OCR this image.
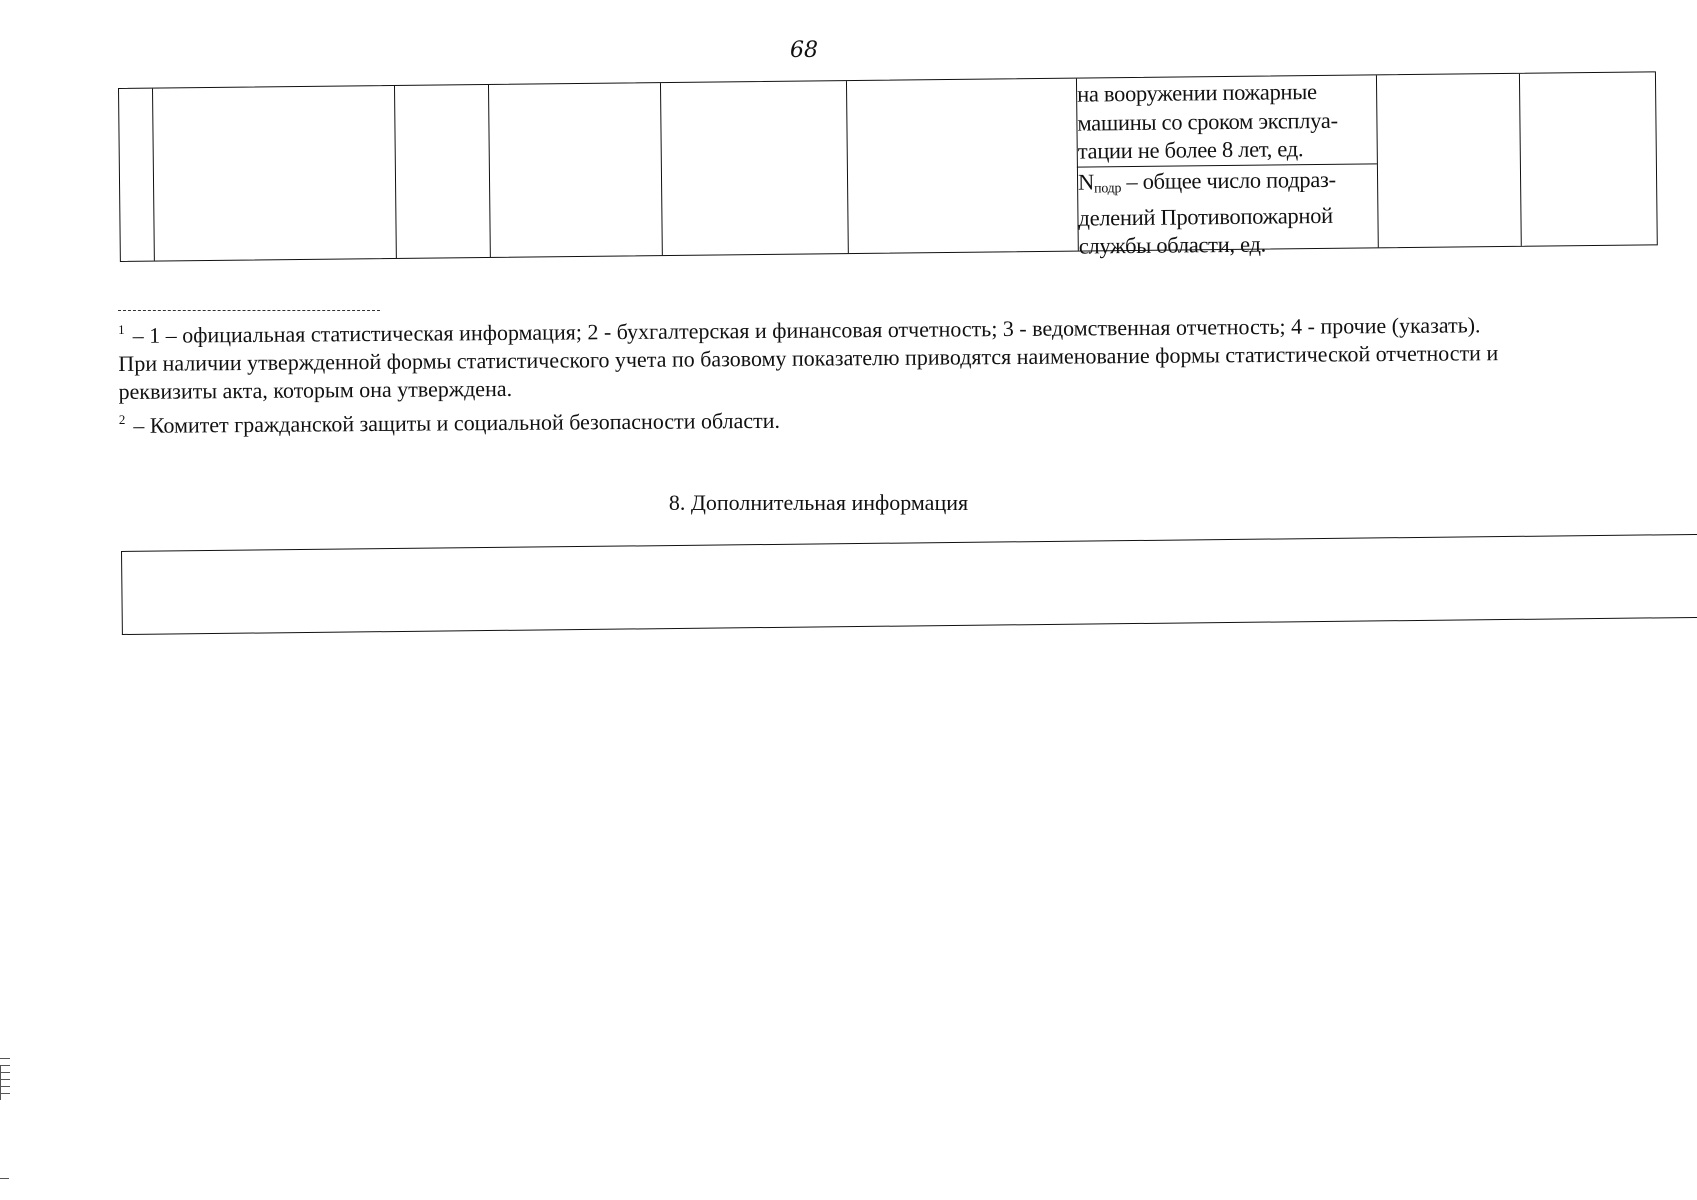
68
на вооружении пожарные машины со сроком эксплуа-тации не более 8 лет, ед.
$N_{подр}$ – общее число подраз-делений Противопожарной службы области, ед.
$^1$ – 1 – официальная статистическая информация; 2 - бухгалтерская и финансовая отчетность; 3 - ведомственная отчетность; 4 - прочие (указать).
При наличии утвержденной формы статистического учета по базовому показателю приводятся наименование формы статистической отчетности и
реквизиты акта, которым она утверждена.
$^2$ – Комитет гражданской защиты и социальной безопасности области.
8. Дополнительная информация
